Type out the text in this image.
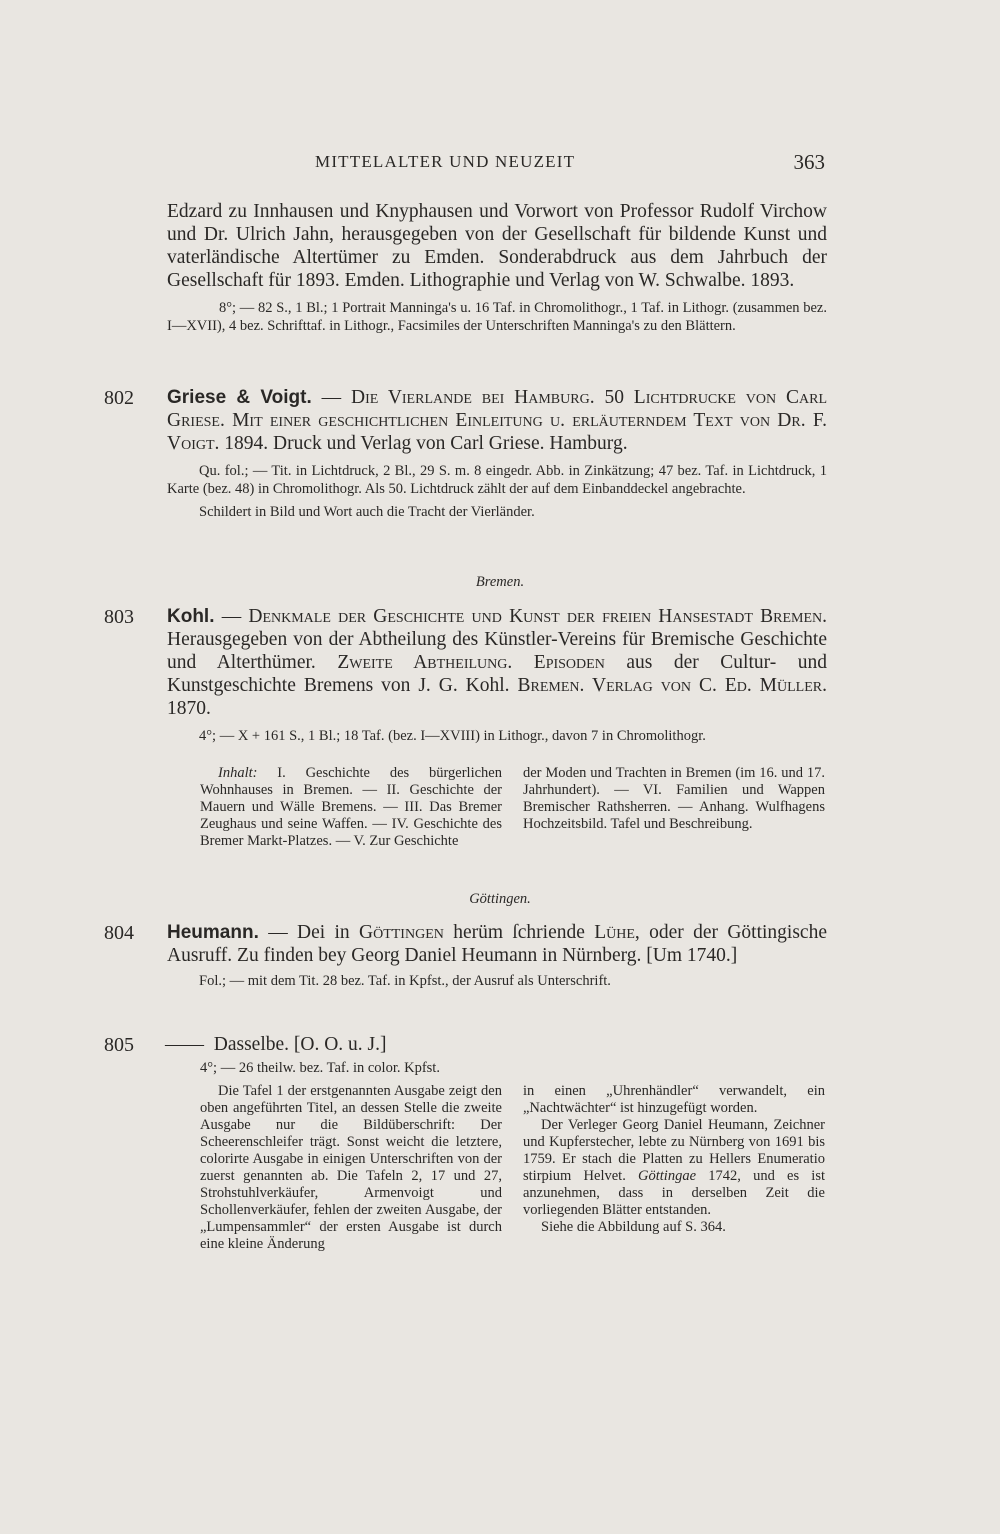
MITTELALTER UND NEUZEIT	363

Edzard zu Innhausen und Knyphausen und Vorwort von Professor Rudolf Virchow und Dr. Ulrich Jahn, herausgegeben von der Gesellschaft für bildende Kunst und vaterländische Altertümer zu Emden. Sonderabdruck aus dem Jahrbuch der Gesellschaft für 1893. Emden. Lithographie und Verlag von W. Schwalbe. 1893.

8°; — 82 S., 1 Bl.; 1 Portrait Manninga's u. 16 Taf. in Chromolithogr., 1 Taf. in Lithogr. (zusammen bez. I—XVII), 4 bez. Schrifttaf. in Lithogr., Facsimiles der Unterschriften Manninga's zu den Blättern.

802 Griese & Voigt. — Die Vierlande bei Hamburg. 50 Lichtdrucke von Carl Griese. Mit einer geschichtlichen Einleitung u. erläuterndem Text von Dr. F. Voigt. 1894. Druck und Verlag von Carl Griese. Hamburg.

Qu. fol.; — Tit. in Lichtdruck, 2 Bl., 29 S. m. 8 eingedr. Abb. in Zinkätzung; 47 bez. Taf. in Lichtdruck, 1 Karte (bez. 48) in Chromolithogr. Als 50. Lichtdruck zählt der auf dem Einbanddeckel angebrachte.

Schildert in Bild und Wort auch die Tracht der Vierländer.

Bremen.
803 Kohl. — Denkmale der Geschichte und Kunst der freien Hansestadt Bremen. Herausgegeben von der Abtheilung des Künstler-Vereins für Bremische Geschichte und Alterthümer. Zweite Abtheilung. Episoden aus der Cultur- und Kunstgeschichte Bremens von J. G. Kohl. Bremen. Verlag von C. Ed. Müller. 1870.

4°; — X + 161 S., 1 Bl.; 18 Taf. (bez. I—XVIII) in Lithogr., davon 7 in Chromolithogr.

Inhalt: I. Geschichte des bürgerlichen Wohnhauses in Bremen. — II. Geschichte der Mauern und Wälle Bremens. — III. Das Bremer Zeughaus und seine Waffen. — IV. Geschichte des Bremer Markt-Platzes. — V. Zur Geschichte

der Moden und Trachten in Bremen (im 16. und 17. Jahrhundert). — VI. Familien und Wappen Bremischer Rathsherren. — Anhang. Wulfhagens Hochzeitsbild. Tafel und Beschreibung.

Göttingen.
804 Heumann. — Dei in Göttingen herüm ſchriende Lühe, oder der Göttingische Ausruff. Zu finden bey Georg Daniel Heumann in Nürnberg. [Um 1740.]

Fol.; — mit dem Tit. 28 bez. Taf. in Kpfst., der Ausruf als Unterschrift.

805 —— Dasselbe. [O. O. u. J.]

4°; — 26 theilw. bez. Taf. in color. Kpfst.

Die Tafel 1 der erstgenannten Ausgabe zeigt den oben angeführten Titel, an dessen Stelle die zweite Ausgabe nur die Bildüberschrift: Der Scheerenschleifer trägt. Sonst weicht die letztere, colorirte Ausgabe in einigen Unterschriften von der zuerst genannten ab. Die Tafeln 2, 17 und 27, Strohstuhlverkäufer, Armenvoigt und Schollenverkäufer, fehlen der zweiten Ausgabe, der „Lumpensammler“ der ersten Ausgabe ist durch eine kleine Änderung

in einen „Uhrenhändler“ verwandelt, ein „Nachtwächter“ ist hinzugefügt worden.

Der Verleger Georg Daniel Heumann, Zeichner und Kupferstecher, lebte zu Nürnberg von 1691 bis 1759. Er stach die Platten zu Hellers Enumeratio stirpium Helvet. Göttingae 1742, und es ist anzunehmen, dass in derselben Zeit die vorliegenden Blätter entstanden.

Siehe die Abbildung auf S. 364.
